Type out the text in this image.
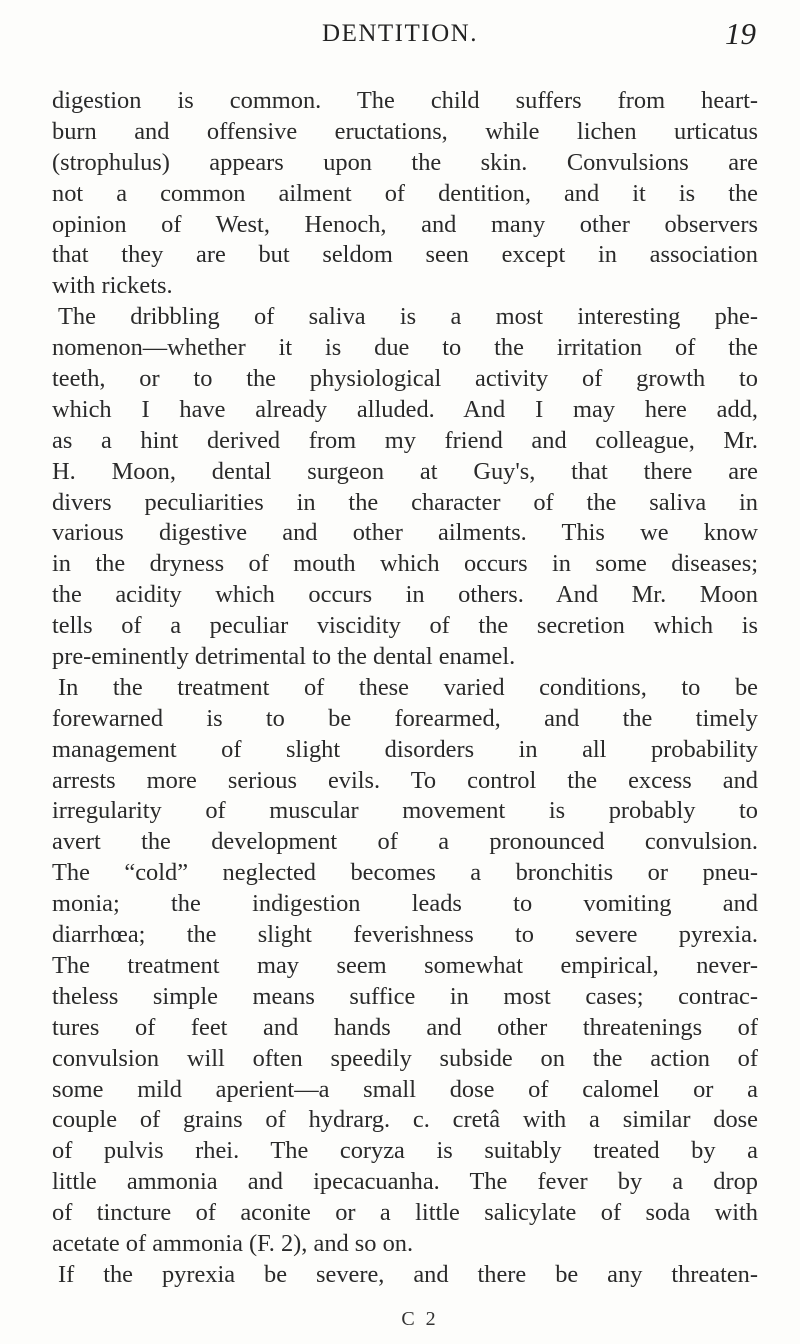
DENTITION.	19
digestion is common. The child suffers from heart-
burn and offensive eructations, while lichen urticatus
(strophulus) appears upon the skin. Convulsions are
not a common ailment of dentition, and it is the
opinion of West, Henoch, and many other observers
that they are but seldom seen except in association
with rickets.
The dribbling of saliva is a most interesting phe-
nomenon—whether it is due to the irritation of the
teeth, or to the physiological activity of growth to
which I have already alluded. And I may here add,
as a hint derived from my friend and colleague, Mr.
H. Moon, dental surgeon at Guy's, that there are
divers peculiarities in the character of the saliva in
various digestive and other ailments. This we know
in the dryness of mouth which occurs in some diseases;
the acidity which occurs in others. And Mr. Moon
tells of a peculiar viscidity of the secretion which is
pre-eminently detrimental to the dental enamel.
In the treatment of these varied conditions, to be
forewarned is to be forearmed, and the timely
management of slight disorders in all probability
arrests more serious evils. To control the excess and
irregularity of muscular movement is probably to
avert the development of a pronounced convulsion.
The “cold” neglected becomes a bronchitis or pneu-
monia; the indigestion leads to vomiting and
diarrhœa; the slight feverishness to severe pyrexia.
The treatment may seem somewhat empirical, never-
theless simple means suffice in most cases; contrac-
tures of feet and hands and other threatenings of
convulsion will often speedily subside on the action of
some mild aperient—a small dose of calomel or a
couple of grains of hydrarg. c. cretâ with a similar dose
of pulvis rhei. The coryza is suitably treated by a
little ammonia and ipecacuanha. The fever by a drop
of tincture of aconite or a little salicylate of soda with
acetate of ammonia (F. 2), and so on.
If the pyrexia be severe, and there be any threaten-
C 2
